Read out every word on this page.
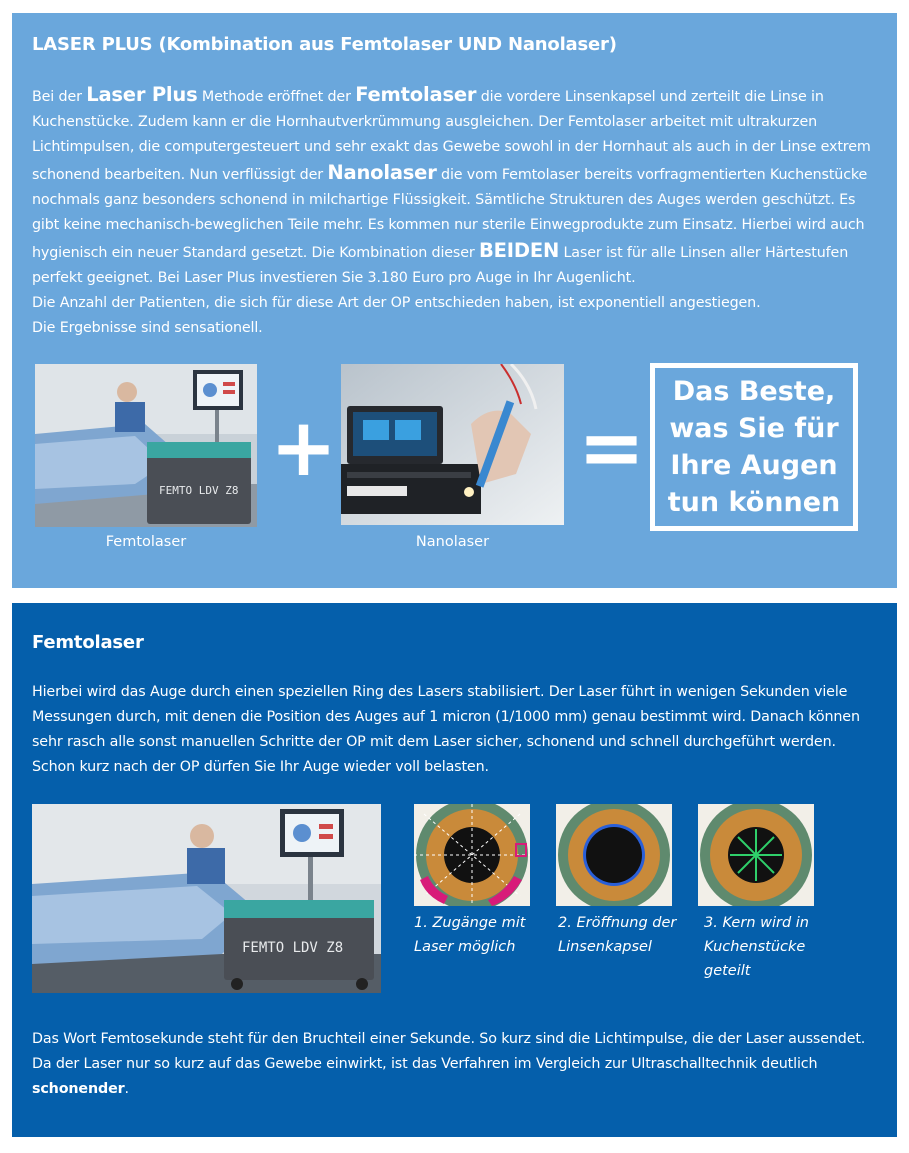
LASER PLUS (Kombination aus Femtolaser UND Nanolaser)
Bei der Laser Plus Methode eröffnet der Femtolaser die vordere Linsenkapsel und zerteilt die Linse in Kuchenstücke. Zudem kann er die Hornhautverkrümmung ausgleichen. Der Femtolaser arbeitet mit ultrakurzen Lichtimpulsen, die computergesteuert und sehr exakt das Gewebe sowohl in der Hornhaut als auch in der Linse extrem schonend bearbeiten. Nun verflüssigt der Nanolaser die vom Femtolaser bereits vorfragmentierten Kuchenstücke nochmals ganz besonders schonend in milchartige Flüssigkeit. Sämtliche Strukturen des Auges werden geschützt. Es gibt keine mechanisch-beweglichen Teile mehr. Es kommen nur sterile Einwegprodukte zum Einsatz. Hierbei wird auch hygienisch ein neuer Standard gesetzt. Die Kombination dieser BEIDEN Laser ist für alle Linsen aller Härtestufen perfekt geeignet. Bei Laser Plus investieren Sie 3.180 Euro pro Auge in Ihr Augenlicht.
Die Anzahl der Patienten, die sich für diese Art der OP entschieden haben, ist exponentiell angestiegen.
Die Ergebnisse sind sensationell.
FEMTO LDV Z8
Femtolaser
+
Nanolaser
=
Das Beste, was Sie für Ihre Augen tun können
Femtolaser

Hierbei wird das Auge durch einen speziellen Ring des Lasers stabilisiert. Der Laser führt in wenigen Sekunden viele Messungen durch, mit denen die Position des Auges auf 1 micron (1/1000 mm) genau bestimmt wird. Danach können sehr rasch alle sonst manuellen Schritte der OP mit dem Laser sicher, schonend und schnell durchgeführt werden. Schon kurz nach der OP dürfen Sie Ihr Auge wieder voll belasten.

FEMTO LDV Z8
1. Zugänge mit Laser möglich
2. Eröffnung der Linsenkapsel
3. Kern wird in Kuchenstücke geteilt

Das Wort Femtosekunde steht für den Bruchteil einer Sekunde. So kurz sind die Lichtimpulse, die der Laser aussendet. Da der Laser nur so kurz auf das Gewebe einwirkt, ist das Verfahren im Vergleich zur Ultraschalltechnik deutlich schonender.
